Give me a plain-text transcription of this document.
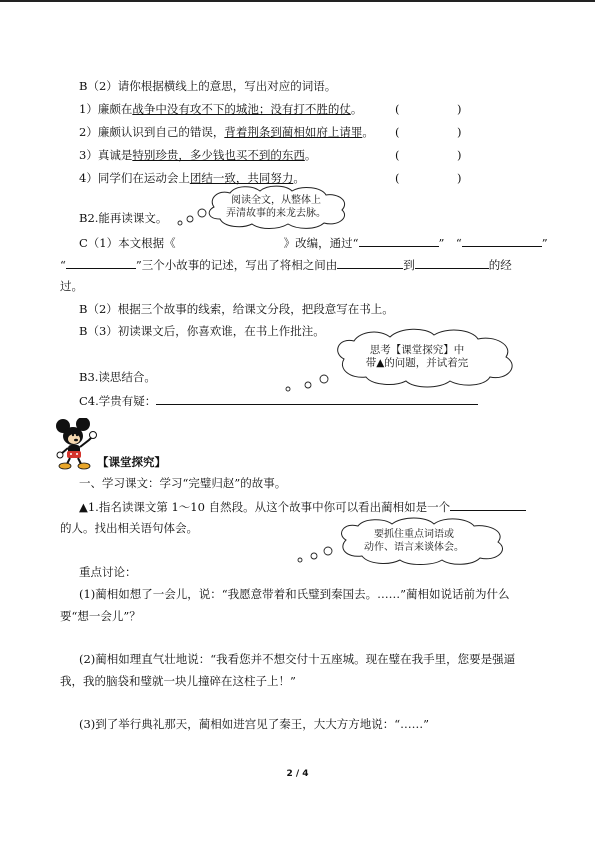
B（2）请你根据横线上的意思，写出对应的词语。
1）廉颇在战争中没有攻不下的城池；没有打不胜的仗。	(　　　　　)
2）廉颇认识到自己的错误，背着荆条到蔺相如府上请罪。 (　　　　　)
3）真诚是特别珍贵，多少钱也买不到的东西。	(　　　　　)
4）同学们在运动会上团结一致，共同努力。	(　　　　　)
阅读全文，从整体上
弄清故事的来龙去脉。
B2.能再读课文。
C（1）本文根据《	》改编，通过“	”　“	”
“	”三个小故事的记述，写出了将相之间由	到	的经
过。
B（2）根据三个故事的线索，给课文分段，把段意写在书上。
B（3）初读课文后，你喜欢谁，在书上作批注。
思考【课堂探究】中
带▲的问题，并试着完
B3.读思结合。
C4.学贵有疑：
【课堂探究】
一、学习课文：学习“完璧归赵”的故事。
▲1.指名读课文第 1～10 自然段。从这个故事中你可以看出蔺相如是一个
的人。找出相关语句体会。	要抓住重点词语或
动作、语言来谈体会。
重点讨论：
(1)蔺相如想了一会儿，说：“我愿意带着和氏璧到秦国去。……”蔺相如说话前为什么
要“想一会儿”？
(2)蔺相如理直气壮地说：“我看您并不想交付十五座城。现在璧在我手里，您要是强逼
我，我的脑袋和璧就一块儿撞碎在这柱子上！”
(3)到了举行典礼那天，蔺相如进宫见了秦王，大大方方地说：“……”
2 / 4
